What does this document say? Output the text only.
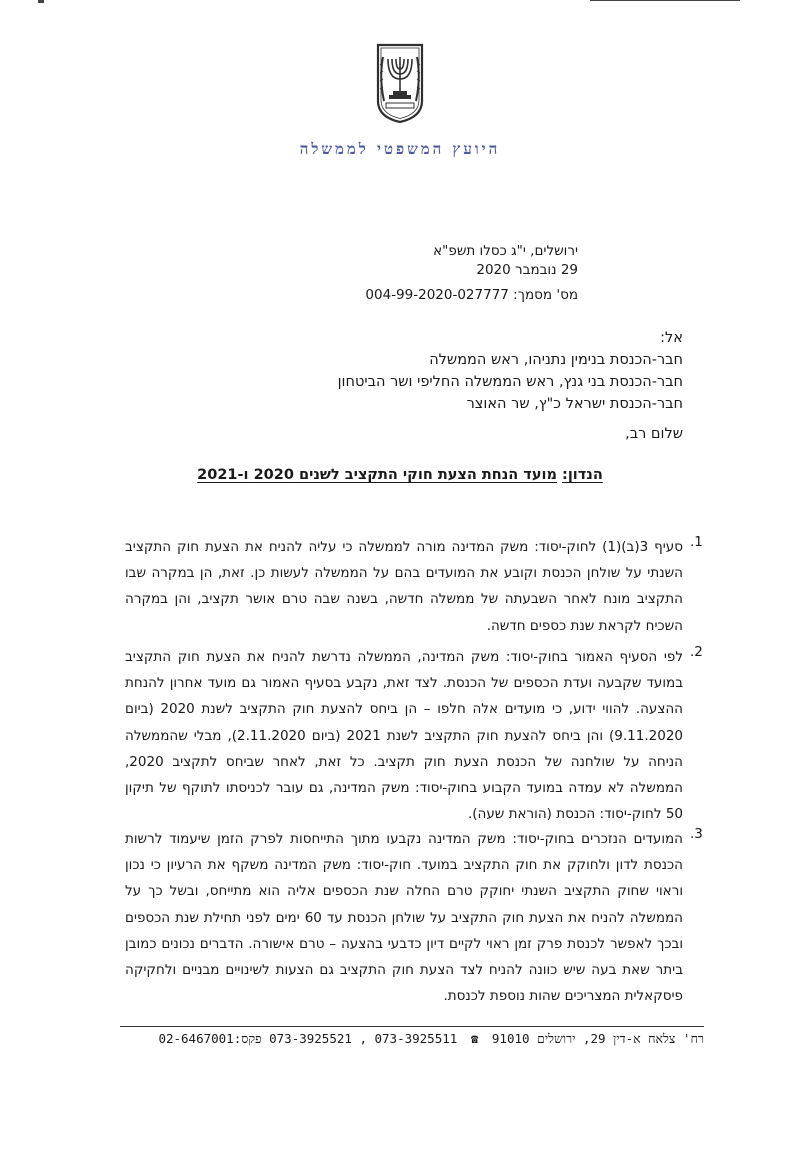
היועץ המשפטי לממשלה
ירושלים, י"ג כסלו תשפ"א
29 נובמבר 2020
מס' מסמך: 004-99-2020-027777
אל:
חבר-הכנסת בנימין נתניהו, ראש הממשלה
חבר-הכנסת בני גנץ, ראש הממשלה החליפי ושר הביטחון
חבר-הכנסת ישראל כ"ץ, שר האוצר
שלום רב,
הנדון: מועד הנחת הצעת חוקי התקציב לשנים 2020 ו-2021
1.
סעיף 3(ב)(1) לחוק-יסוד: משק המדינה מורה לממשלה כי עליה להניח את הצעת חוק התקציב השנתי על שולחן הכנסת וקובע את המועדים בהם על הממשלה לעשות כן. זאת, הן במקרה שבו התקציב מונח לאחר השבעתה של ממשלה חדשה, בשנה שבה טרם אושר תקציב, והן במקרה השכיח לקראת שנת כספים חדשה.
2.
לפי הסעיף האמור בחוק-יסוד: משק המדינה, הממשלה נדרשת להניח את הצעת חוק התקציב במועד שקבעה ועדת הכספים של הכנסת. לצד זאת, נקבע בסעיף האמור גם מועד אחרון להנחת ההצעה. להווי ידוע, כי מועדים אלה חלפו – הן ביחס להצעת חוק התקציב לשנת 2020 (ביום 9.11.2020) והן ביחס להצעת חוק התקציב לשנת 2021 (ביום 2.11.2020), מבלי שהממשלה הניחה על שולחנה של הכנסת הצעת חוק תקציב. כל זאת, לאחר שביחס לתקציב 2020, הממשלה לא עמדה במועד הקבוע בחוק-יסוד: משק המדינה, גם עובר לכניסתו לתוקף של תיקון 50 לחוק-יסוד: הכנסת (הוראת שעה).
3.
המועדים הנזכרים בחוק-יסוד: משק המדינה נקבעו מתוך התייחסות לפרק הזמן שיעמוד לרשות הכנסת לדון ולחוקק את חוק התקציב במועד. חוק-יסוד: משק המדינה משקף את הרעיון כי נכון וראוי שחוק התקציב השנתי יחוקק טרם החלה שנת הכספים אליה הוא מתייחס, ובשל כך על הממשלה להניח את הצעת חוק התקציב על שולחן הכנסת עד 60 ימים לפני תחילת שנת הכספים ובכך לאפשר לכנסת פרק זמן ראוי לקיים דיון כדבעי בהצעה – טרם אישורה. הדברים נכונים כמובן ביתר שאת בעה שיש כוונה להניח לצד הצעת חוק התקציב גם הצעות לשינויים מבניים ולחקיקה פיסקאלית המצריכים שהות נוספת לכנסת.
רח' צלאח א-דין 29, ירושלים 91010 ☎ 073-3925511 , 073-3925521 פקס:02-6467001
